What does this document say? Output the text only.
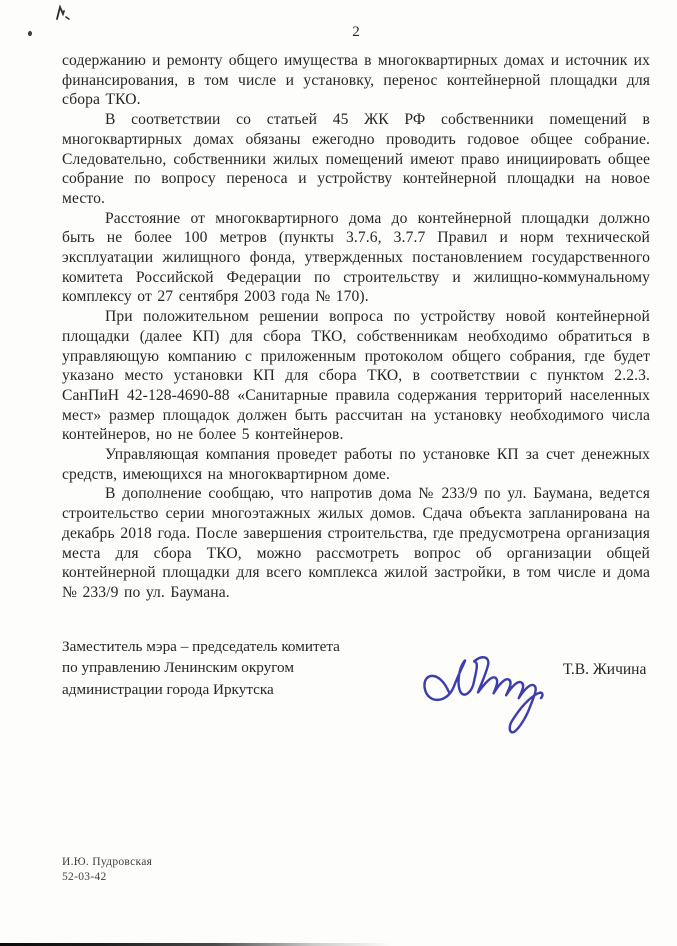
2

содержанию и ремонту общего имущества в многоквартирных домах и источник их финансирования, в том числе и установку, перенос контейнерной площадки для сбора ТКО.

В соответствии со статьей 45 ЖК РФ собственники помещений в многоквартирных домах обязаны ежегодно проводить годовое общее собрание. Следовательно, собственники жилых помещений имеют право инициировать общее собрание по вопросу переноса и устройству контейнерной площадки на новое место.

Расстояние от многоквартирного дома до контейнерной площадки должно быть не более 100 метров (пункты 3.7.6, 3.7.7 Правил и норм технической эксплуатации жилищного фонда, утвержденных постановлением государственного комитета Российской Федерации по строительству и жилищно-коммунальному комплексу от 27 сентября 2003 года № 170).

При положительном решении вопроса по устройству новой контейнерной площадки (далее КП) для сбора ТКО, собственникам необходимо обратиться в управляющую компанию с приложенным протоколом общего собрания, где будет указано место установки КП для сбора ТКО, в соответствии с пунктом 2.2.3. СанПиН 42-128-4690-88 «Санитарные правила содержания территорий населенных мест» размер площадок должен быть рассчитан на установку необходимого числа контейнеров, но не более 5 контейнеров.

Управляющая компания проведет работы по установке КП за счет денежных средств, имеющихся на многоквартирном доме.

В дополнение сообщаю, что напротив дома № 233/9 по ул. Баумана, ведется строительство серии многоэтажных жилых домов. Сдача объекта запланирована на декабрь 2018 года. После завершения строительства, где предусмотрена организация места для сбора ТКО, можно рассмотреть вопрос об организации общей контейнерной площадки для всего комплекса жилой застройки, в том числе и дома № 233/9 по ул. Баумана.

Заместитель мэра – председатель комитета
по управлению Ленинским округом
администрации города Иркутска
Т.В. Жичина
И.Ю. Пудровская
52-03-42
